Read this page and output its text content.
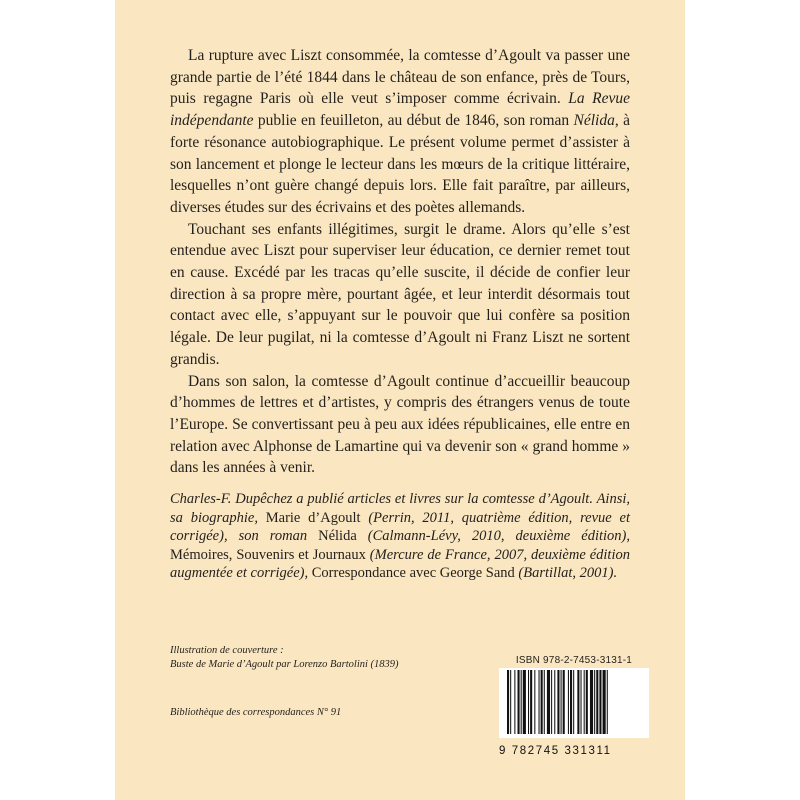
La rupture avec Liszt consommée, la comtesse d’Agoult va passer une grande partie de l’été 1844 dans le château de son enfance, près de Tours, puis regagne Paris où elle veut s’imposer comme écrivain. La Revue indépendante publie en feuilleton, au début de 1846, son roman Nélida, à forte résonance autobiographique. Le présent volume permet d’assister à son lancement et plonge le lecteur dans les mœurs de la critique littéraire, lesquelles n’ont guère changé depuis lors. Elle fait paraître, par ailleurs, diverses études sur des écrivains et des poètes allemands.

Touchant ses enfants illégitimes, surgit le drame. Alors qu’elle s’est entendue avec Liszt pour superviser leur éducation, ce dernier remet tout en cause. Excédé par les tracas qu’elle suscite, il décide de confier leur direction à sa propre mère, pourtant âgée, et leur interdit désormais tout contact avec elle, s’appuyant sur le pouvoir que lui confère sa position légale. De leur pugilat, ni la comtesse d’Agoult ni Franz Liszt ne sortent grandis.

Dans son salon, la comtesse d’Agoult continue d’accueillir beaucoup d’hommes de lettres et d’artistes, y compris des étrangers venus de toute l’Europe. Se convertissant peu à peu aux idées républicaines, elle entre en relation avec Alphonse de Lamartine qui va devenir son « grand homme » dans les années à venir.

Charles-F. Dupêchez a publié articles et livres sur la comtesse d’Agoult. Ainsi, sa biographie, Marie d’Agoult (Perrin, 2011, quatrième édition, revue et corrigée), son roman Nélida (Calmann-Lévy, 2010, deuxième édition), Mémoires, Souvenirs et Journaux (Mercure de France, 2007, deuxième édition augmentée et corrigée), Correspondance avec George Sand (Bartillat, 2001).
Illustration de couverture :
Buste de Marie d’Agoult par Lorenzo Bartolini (1839)
Bibliothèque des correspondances N° 91
ISBN 978-2-7453-3131-1
9 782745 331311
